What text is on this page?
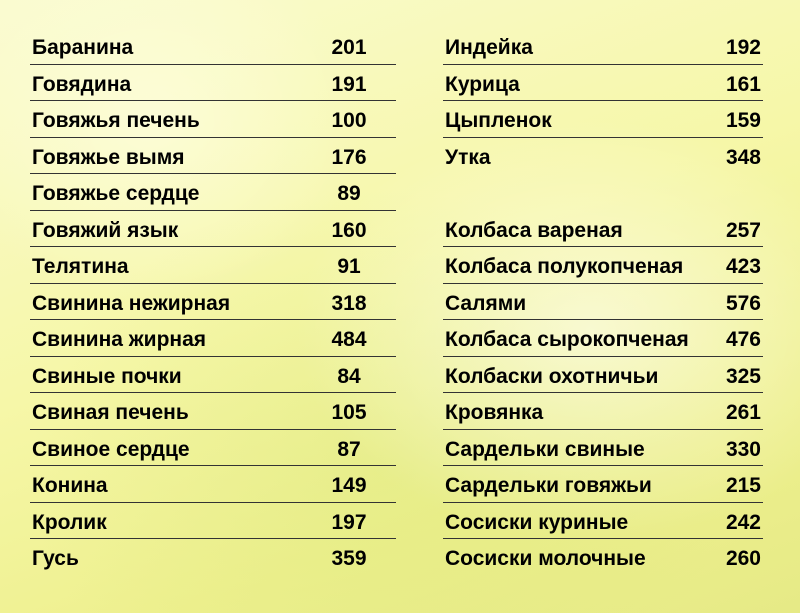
Баранина	201
Говядина	191
Говяжья печень	100
Говяжье вымя	176
Говяжье сердце	89
Говяжий язык	160
Телятина	91
Свинина нежирная	318
Свинина жирная	484
Свиные почки	84
Свиная печень	105
Свиное сердце	87
Конина	149
Кролик	197
Гусь	359
Индейка	192
Курица	161
Цыпленок	159
Утка	348
Колбаса вареная	257
Колбаса полукопченая 423
Салями	576
Колбаса сырокопченая 476
Колбаски охотничьи	325
Кровянка	261
Сардельки свиные	330
Сардельки говяжьи	215
Сосиски куриные	242
Сосиски молочные	260
